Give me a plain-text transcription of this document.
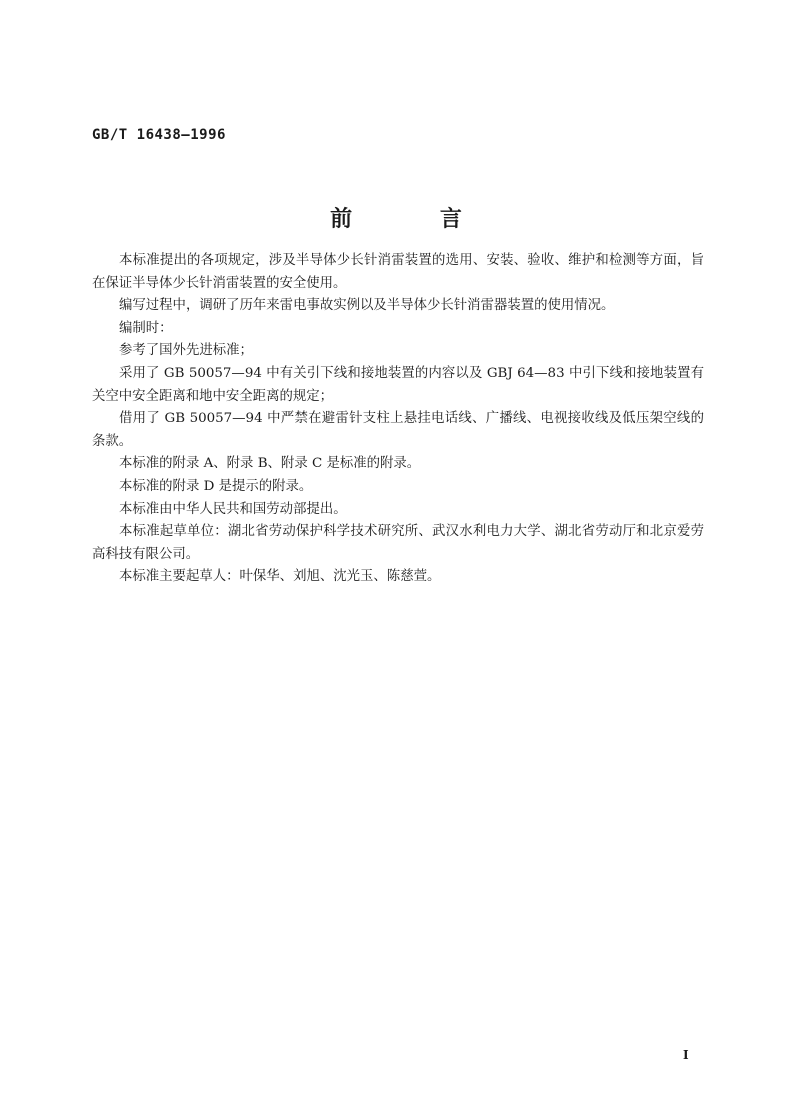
GB/T 16438—1996
前 言

本标准提出的各项规定，涉及半导体少长针消雷装置的选用、安装、验收、维护和检测等方面，旨在保证半导体少长针消雷装置的安全使用。

编写过程中，调研了历年来雷电事故实例以及半导体少长针消雷器装置的使用情况。

编制时：

参考了国外先进标准；

采用了 GB 50057—94 中有关引下线和接地装置的内容以及 GBJ 64—83 中引下线和接地装置有关空中安全距离和地中安全距离的规定；

借用了 GB 50057—94 中严禁在避雷针支柱上悬挂电话线、广播线、电视接收线及低压架空线的条款。

本标准的附录 A、附录 B、附录 C 是标准的附录。

本标准的附录 D 是提示的附录。

本标准由中华人民共和国劳动部提出。

本标准起草单位：湖北省劳动保护科学技术研究所、武汉水利电力大学、湖北省劳动厅和北京爱劳高科技有限公司。

本标准主要起草人：叶保华、刘旭、沈光玉、陈慈萱。

I
